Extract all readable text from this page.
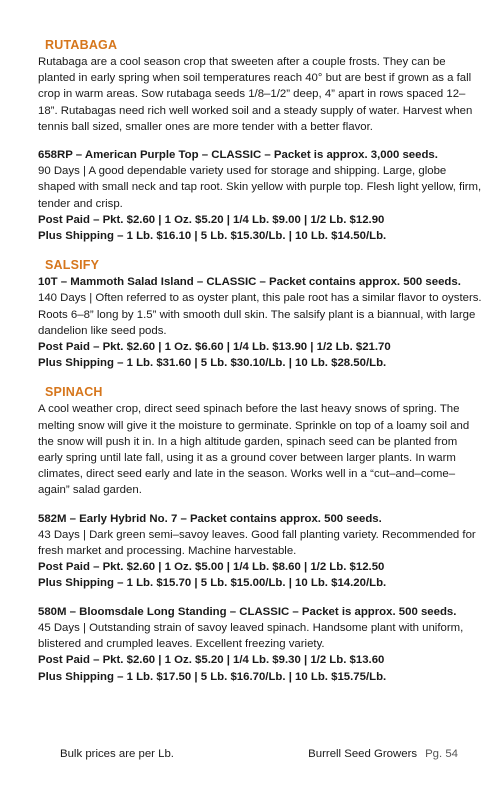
RUTABAGA

Rutabaga are a cool season crop that sweeten after a couple frosts. They can be planted in early spring when soil temperatures reach 40° but are best if grown as a fall crop in warm areas. Sow rutabaga seeds 1/8–1/2” deep, 4” apart in rows spaced 12–18”. Rutabagas need rich well worked soil and a steady supply of water. Harvest when tennis ball sized, smaller ones are more tender with a better flavor.

658RP – American Purple Top – CLASSIC – Packet is approx. 3,000 seeds.

90 Days | A good dependable variety used for storage and shipping. Large, globe shaped with small neck and tap root. Skin yellow with purple top. Flesh light yellow, firm, tender and crisp.

Post Paid – Pkt. $2.60 | 1 Oz. $5.20 | 1/4 Lb. $9.00 | 1/2 Lb. $12.90

Plus Shipping – 1 Lb. $16.10 | 5 Lb. $15.30/Lb. | 10 Lb. $14.50/Lb.

SALSIFY

10T – Mammoth Salad Island – CLASSIC – Packet contains approx. 500 seeds.

140 Days | Often referred to as oyster plant, this pale root has a similar flavor to oysters. Roots 6–8” long by 1.5” with smooth dull skin. The salsify plant is a biannual, with large dandelion like seed pods.

Post Paid – Pkt. $2.60 | 1 Oz. $6.60 | 1/4 Lb. $13.90 | 1/2 Lb. $21.70

Plus Shipping – 1 Lb. $31.60 | 5 Lb. $30.10/Lb. | 10 Lb. $28.50/Lb.

SPINACH

A cool weather crop, direct seed spinach before the last heavy snows of spring. The melting snow will give it the moisture to germinate. Sprinkle on top of a loamy soil and the snow will push it in. In a high altitude garden, spinach seed can be planted from early spring until late fall, using it as a ground cover between larger plants. In warm climates, direct seed early and late in the season. Works well in a “cut–and–come–again” salad garden.

582M – Early Hybrid No. 7 – Packet contains approx. 500 seeds.

43 Days | Dark green semi–savoy leaves. Good fall planting variety. Recommended for fresh market and processing. Machine harvestable.

Post Paid – Pkt. $2.60 | 1 Oz. $5.00 | 1/4 Lb. $8.60 | 1/2 Lb. $12.50

Plus Shipping – 1 Lb. $15.70 | 5 Lb. $15.00/Lb. | 10 Lb. $14.20/Lb.

580M – Bloomsdale Long Standing – CLASSIC – Packet is approx. 500 seeds.

45 Days | Outstanding strain of savoy leaved spinach. Handsome plant with uniform, blistered and crumpled leaves. Excellent freezing variety.

Post Paid – Pkt. $2.60 | 1 Oz. $5.20 | 1/4 Lb. $9.30 | 1/2 Lb. $13.60

Plus Shipping – 1 Lb. $17.50 | 5 Lb. $16.70/Lb. | 10 Lb. $15.75/Lb.

Bulk prices are per Lb.	Burrell Seed Growers Pg. 54
